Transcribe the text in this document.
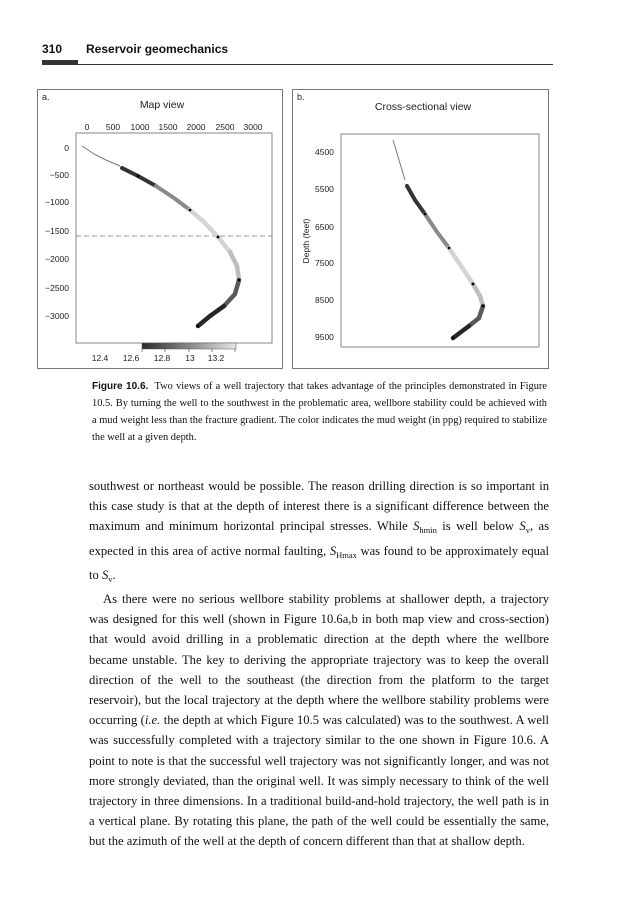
310 Reservoir geomechanics
a.
Map view
0 500 1000 1500 2000 2500 3000
0
−500
−1000
−1500
−2000
−2500
−3000
12.4 12.6 12.8 13 13.2
b.
Cross-sectional view
Depth (feet)
4500
5500
6500
7500
8500
9500
Figure 10.6. Two views of a well trajectory that takes advantage of the principles demonstrated in Figure 10.5. By turning the well to the southwest in the problematic area, wellbore stability could be achieved with a mud weight less than the fracture gradient. The color indicates the mud weight (in ppg) required to stabilize the well at a given depth.

southwest or northeast would be possible. The reason drilling direction is so important in this case study is that at the depth of interest there is a significant difference between the maximum and minimum horizontal principal stresses. While $S_{hmin}$ is well below $S_v$, as expected in this area of active normal faulting, $S_{Hmax}$ was found to be approximately equal to $S_v$.

As there were no serious wellbore stability problems at shallower depth, a trajectory was designed for this well (shown in Figure 10.6a,b in both map view and cross-section) that would avoid drilling in a problematic direction at the depth where the wellbore became unstable. The key to deriving the appropriate trajectory was to keep the overall direction of the well to the southeast (the direction from the platform to the target reservoir), but the local trajectory at the depth where the wellbore stability problems were occurring (i.e. the depth at which Figure 10.5 was calculated) was to the southwest. A well was successfully completed with a trajectory similar to the one shown in Figure 10.6. A point to note is that the successful well trajectory was not significantly longer, and was not more strongly deviated, than the original well. It was simply necessary to think of the well trajectory in three dimensions. In a traditional build-and-hold trajectory, the well path is in a vertical plane. By rotating this plane, the path of the well could be essentially the same, but the azimuth of the well at the depth of concern different than that at shallow depth.
